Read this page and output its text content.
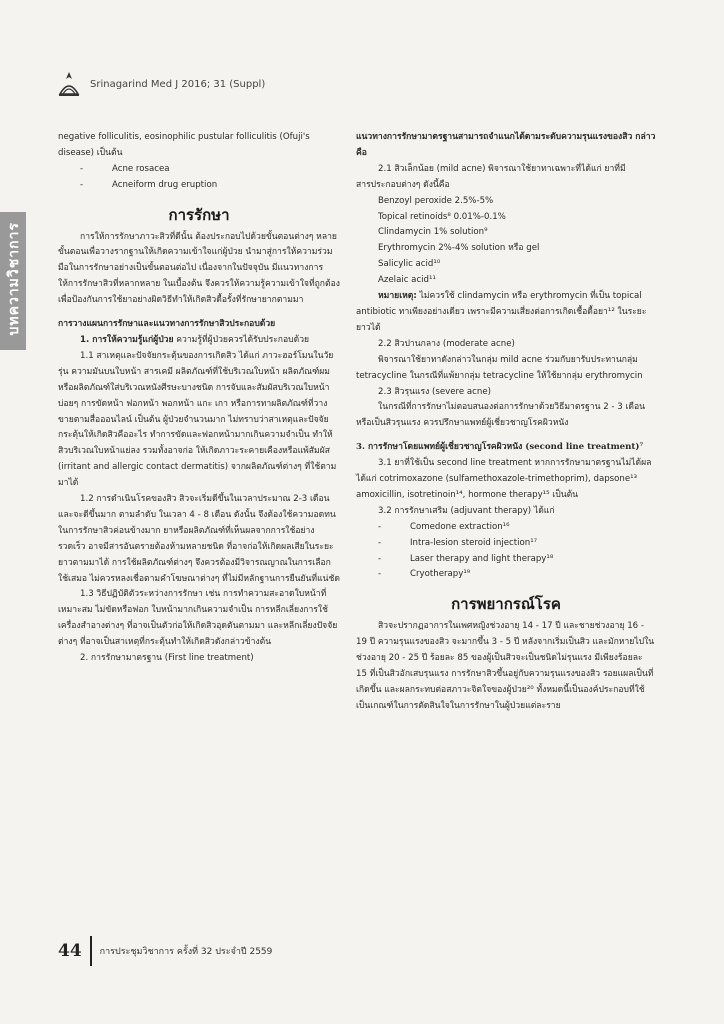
Srinagarind Med J 2016; 31 (Suppl)
บทความวิชาการ

negative folliculitis, eosinophilic pustular folliculitis (Ofuji's disease) เป็นต้น

-	Acne rosacea
-	Acneiform drug eruption
การรักษา

การให้การรักษาภาวะสิวที่ดีนั้น ต้องประกอบไปด้วยขั้นตอนต่างๆ หลายขั้นตอนเพื่อวางรากฐานให้เกิดความเข้าใจแก่ผู้ป่วย นำมาสู่การให้ความร่วมมือในการรักษาอย่างเป็นขั้นตอนต่อไป เนื่องจากในปัจจุบัน มีแนวทางการให้การรักษาสิวที่หลากหลาย ในเบื้องต้น จึงควรให้ความรู้ความเข้าใจที่ถูกต้อง เพื่อป้องกันการใช้ยาอย่างผิดวิธีทำให้เกิดสิวดื้อรั้งที่รักษายากตามมา

การวางแผนการรักษาและแนวทางการรักษาสิวประกอบด้วย

1. การให้ความรู้แก่ผู้ป่วย ความรู้ที่ผู้ป่วยควรได้รับประกอบด้วย

1.1 สาเหตุและปัจจัยกระตุ้นของการเกิดสิว ได้แก่ ภาวะฮอร์โมนในวัยรุ่น ความมันบนใบหน้า สารเคมี ผลิตภัณฑ์ที่ใช้บริเวณใบหน้า ผลิตภัณฑ์ผม หรือผลิตภัณฑ์ใส่บริเวณหนังศีรษะบางชนิด การจับและสัมผัสบริเวณใบหน้าบ่อยๆ การขัดหน้า ฟอกหน้า พอกหน้า แกะ เกา หรือการทาผลิตภัณฑ์ที่วางขายตามสื่อออนไลน์ เป็นต้น ผู้ป่วยจำนวนมาก ไม่ทราบว่าสาเหตุและปัจจัยกระตุ้นให้เกิดสิวคืออะไร ทำการขัดและฟอกหน้ามากเกินความจำเป็น ทำให้สิวบริเวณใบหน้าแย่ลง รวมทั้งอาจก่อ ให้เกิดภาวะระคายเคืองหรือแพ้สัมผัส (irritant and allergic contact dermatitis) จากผลิตภัณฑ์ต่างๆ ที่ใช้ตามมาได้

1.2 การดำเนินโรคของสิว สิวจะเริ่มดีขึ้นในเวลาประมาณ 2-3 เดือน และจะดีขึ้นมาก ตามลำดับ ในเวลา 4 - 8 เดือน ดังนั้น จึงต้องใช้ความอดทนในการรักษาสิวค่อนข้างมาก ยาหรือผลิตภัณฑ์ที่เห็นผลจากการใช้อย่างรวดเร็ว อาจมีสารอันตรายต้องห้ามหลายชนิด ที่อาจก่อให้เกิดผลเสียในระยะยาวตามมาได้ การใช้ผลิตภัณฑ์ต่างๆ จึงควรต้องมีวิจารณญาณในการเลือกใช้เสมอ ไม่ควรหลงเชื่อตามคำโฆษณาต่างๆ ที่ไม่มีหลักฐานการยืนยันที่แน่ชัด

1.3 วิธีปฏิบัติตัวระหว่างการรักษา เช่น การทำความสะอาดใบหน้าที่เหมาะสม ไม่ขัดหรือฟอก ใบหน้ามากเกินความจำเป็น การหลีกเลี่ยงการใช้เครื่องสำอางต่างๆ ที่อาจเป็นตัวก่อให้เกิดสิวอุดตันตามมา และหลีกเลี่ยงปัจจัยต่างๆ ที่อาจเป็นสาเหตุที่กระตุ้นทำให้เกิดสิวดังกล่าวข้างต้น

2. การรักษามาตรฐาน (First line treatment)

แนวทางการรักษามาตรฐานสามารถจำแนกได้ตามระดับความรุนแรงของสิว กล่าวคือ

2.1 สิวเล็กน้อย (mild acne) พิจารณาใช้ยาทาเฉพาะที่ได้แก่ ยาที่มีสารประกอบต่างๆ ดังนี้คือ

Benzoyl peroxide 2.5%-5%

Topical retinoids⁸ 0.01%-0.1%

Clindamycin 1% solution⁹

Erythromycin 2%-4% solution หรือ gel

Salicylic acid¹⁰

Azelaic acid¹¹

หมายเหตุ: ไม่ควรใช้ clindamycin หรือ erythromycin ที่เป็น topical antibiotic ทาเพียงอย่างเดียว เพราะมีความเสี่ยงต่อการเกิดเชื้อดื้อยา¹² ในระยะยาวได้

2.2 สิวปานกลาง (moderate acne)

พิจารณาใช้ยาทาดังกล่าวในกลุ่ม mild acne ร่วมกับยารับประทานกลุ่ม tetracycline ในกรณีที่แพ้ยากลุ่ม tetracycline ให้ใช้ยากลุ่ม erythromycin

2.3 สิวรุนแรง (severe acne)

ในกรณีที่การรักษาไม่ตอบสนองต่อการรักษาด้วยวิธีมาตรฐาน 2 - 3 เดือน หรือเป็นสิวรุนแรง ควรปรึกษาแพทย์ผู้เชี่ยวชาญโรคผิวหนัง

3. การรักษาโดยแพทย์ผู้เชี่ยวชาญโรคผิวหนัง (second line treatment)⁷

3.1 ยาที่ใช้เป็น second line treatment หากการรักษามาตรฐานไม่ได้ผล ได้แก่ cotrimoxazone (sulfamethoxazole-trimethoprim), dapsone¹³ amoxicillin, isotretinoin¹⁴, hormone therapy¹⁵ เป็นต้น

3.2 การรักษาเสริม (adjuvant therapy) ได้แก่

-	Comedone extraction¹⁶
-	Intra-lesion steroid injection¹⁷
-	Laser therapy and light therapy¹⁸
-	Cryotherapy¹⁹
การพยากรณ์โรค

สิวจะปรากฏอาการในเพศหญิงช่วงอายุ 14 - 17 ปี และชายช่วงอายุ 16 - 19 ปี ความรุนแรงของสิว จะมากขึ้น 3 - 5 ปี หลังจากเริ่มเป็นสิว และมักหายไปในช่วงอายุ 20 - 25 ปี ร้อยละ 85 ของผู้เป็นสิวจะเป็นชนิดไม่รุนแรง มีเพียงร้อยละ 15 ที่เป็นสิวอักเสบรุนแรง การรักษาสิวขึ้นอยู่กับความรุนแรงของสิว รอยแผลเป็นที่เกิดขึ้น และผลกระทบต่อสภาวะจิตใจของผู้ป่วย²⁰ ทั้งหมดนี้เป็นองค์ประกอบที่ใช้เป็นเกณฑ์ในการตัดสินใจในการรักษาในผู้ป่วยแต่ละราย

44 การประชุมวิชาการ ครั้งที่ 32 ประจำปี 2559
